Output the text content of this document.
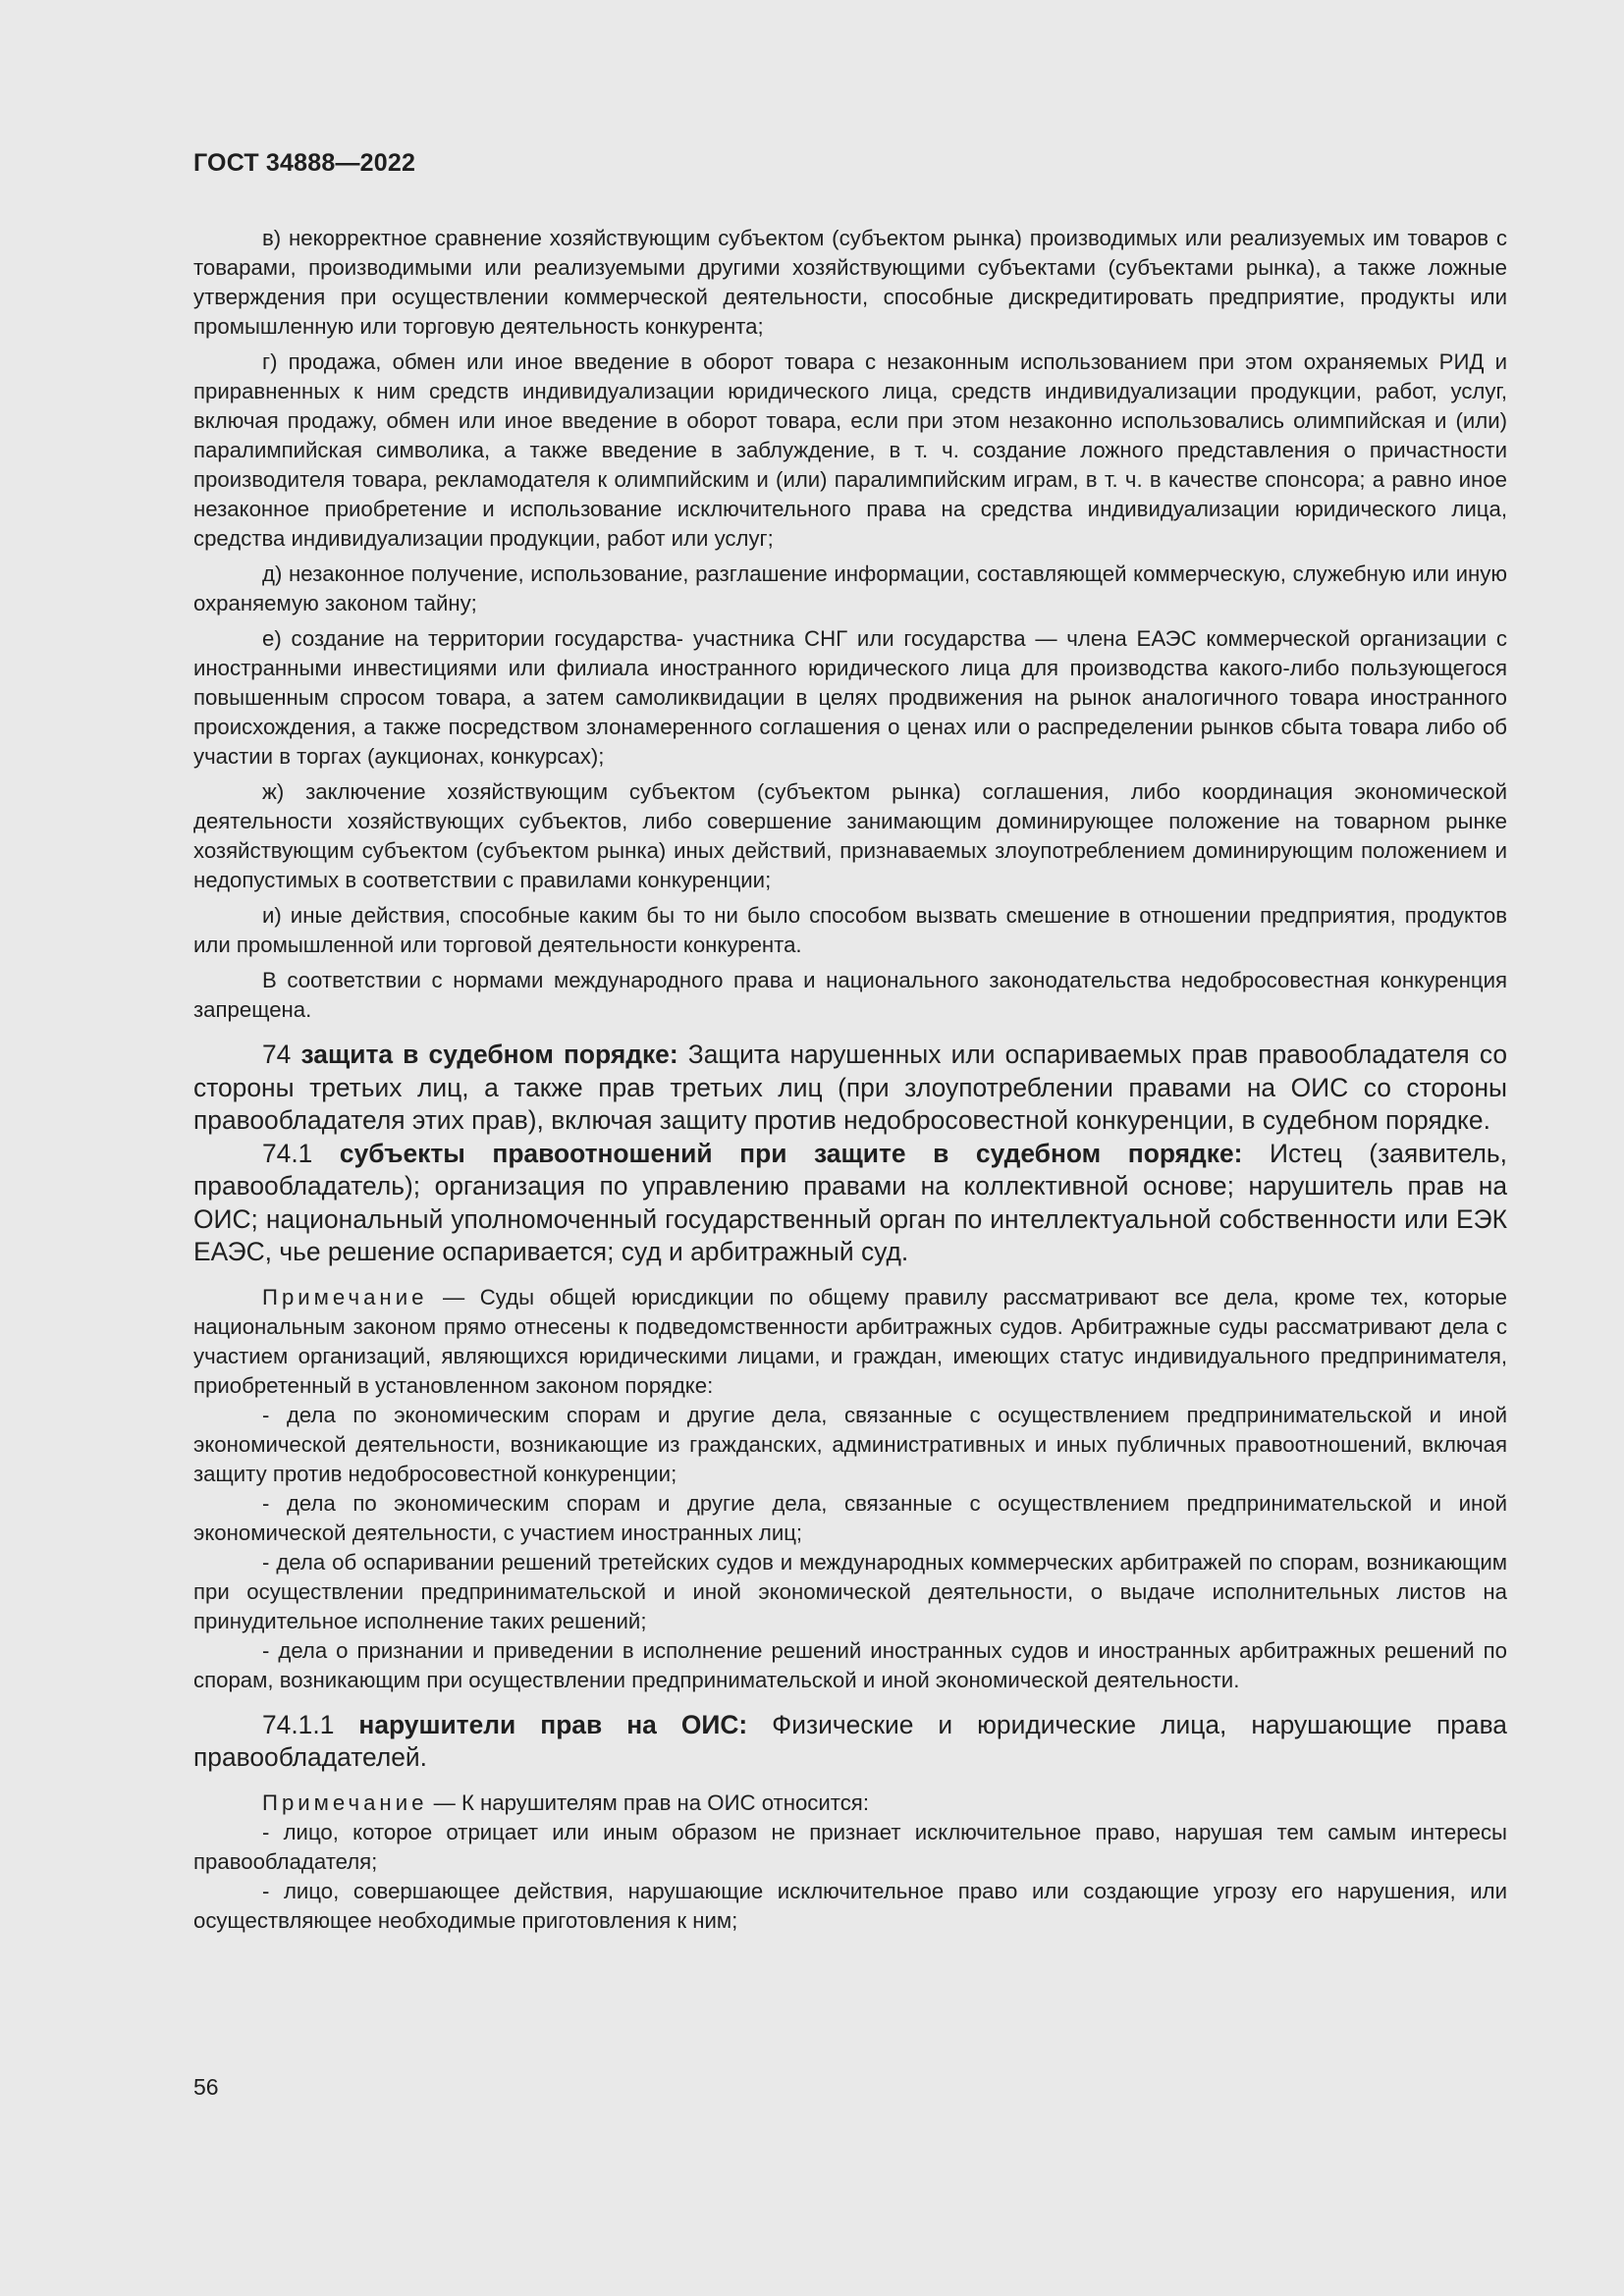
ГОСТ 34888—2022

в) некорректное сравнение хозяйствующим субъектом (субъектом рынка) производимых или реализуемых им товаров с товарами, производимыми или реализуемыми другими хозяйствующими субъектами (субъектами рынка), а также ложные утверждения при осуществлении коммерческой деятельности, способные дискредитировать предприятие, продукты или промышленную или торговую деятельность конкурента;

г) продажа, обмен или иное введение в оборот товара с незаконным использованием при этом охраняемых РИД и приравненных к ним средств индивидуализации юридического лица, средств индивидуализации продукции, работ, услуг, включая продажу, обмен или иное введение в оборот товара, если при этом незаконно использовались олимпийская и (или) паралимпийская символика, а также введение в заблуждение, в т. ч. создание ложного представления о причастности производителя товара, рекламодателя к олимпийским и (или) паралимпийским играм, в т. ч. в качестве спонсора; а равно иное незаконное приобретение и использование исключительного права на средства индивидуализации юридического лица, средства индивидуализации продукции, работ или услуг;

д) незаконное получение, использование, разглашение информации, составляющей коммерческую, служебную или иную охраняемую законом тайну;

е) создание на территории государства- участника СНГ или государства — члена ЕАЭС коммерческой организации с иностранными инвестициями или филиала иностранного юридического лица для производства какого-либо пользующегося повышенным спросом товара, а затем самоликвидации в целях продвижения на рынок аналогичного товара иностранного происхождения, а также посредством злонамеренного соглашения о ценах или о распределении рынков сбыта товара либо об участии в торгах (аукционах, конкурсах);

ж) заключение хозяйствующим субъектом (субъектом рынка) соглашения, либо координация экономической деятельности хозяйствующих субъектов, либо совершение занимающим доминирующее положение на товарном рынке хозяйствующим субъектом (субъектом рынка) иных действий, признаваемых злоупотреблением доминирующим положением и недопустимых в соответствии с правилами конкуренции;

и) иные действия, способные каким бы то ни было способом вызвать смешение в отношении предприятия, продуктов или промышленной или торговой деятельности конкурента.

В соответствии с нормами международного права и национального законодательства недобросовестная конкуренция запрещена.

74 защита в судебном порядке: Защита нарушенных или оспариваемых прав правообладателя со стороны третьих лиц, а также прав третьих лиц (при злоупотреблении правами на ОИС со стороны правообладателя этих прав), включая защиту против недобросовестной конкуренции, в судебном порядке.

74.1 субъекты правоотношений при защите в судебном порядке: Истец (заявитель, правообладатель); организация по управлению правами на коллективной основе; нарушитель прав на ОИС; национальный уполномоченный государственный орган по интеллектуальной собственности или ЕЭК ЕАЭС, чье решение оспаривается; суд и арбитражный суд.

Примечание — Суды общей юрисдикции по общему правилу рассматривают все дела, кроме тех, которые национальным законом прямо отнесены к подведомственности арбитражных судов. Арбитражные суды рассматривают дела с участием организаций, являющихся юридическими лицами, и граждан, имеющих статус индивидуального предпринимателя, приобретенный в установленном законом порядке:

- дела по экономическим спорам и другие дела, связанные с осуществлением предпринимательской и иной экономической деятельности, возникающие из гражданских, административных и иных публичных правоотношений, включая защиту против недобросовестной конкуренции;

- дела по экономическим спорам и другие дела, связанные с осуществлением предпринимательской и иной экономической деятельности, с участием иностранных лиц;

- дела об оспаривании решений третейских судов и международных коммерческих арбитражей по спорам, возникающим при осуществлении предпринимательской и иной экономической деятельности, о выдаче исполнительных листов на принудительное исполнение таких решений;

- дела о признании и приведении в исполнение решений иностранных судов и иностранных арбитражных решений по спорам, возникающим при осуществлении предпринимательской и иной экономической деятельности.

74.1.1 нарушители прав на ОИС: Физические и юридические лица, нарушающие права правообладателей.

Примечание — К нарушителям прав на ОИС относится:

- лицо, которое отрицает или иным образом не признает исключительное право, нарушая тем самым интересы правообладателя;

- лицо, совершающее действия, нарушающие исключительное право или создающие угрозу его нарушения, или осуществляющее необходимые приготовления к ним;

56
